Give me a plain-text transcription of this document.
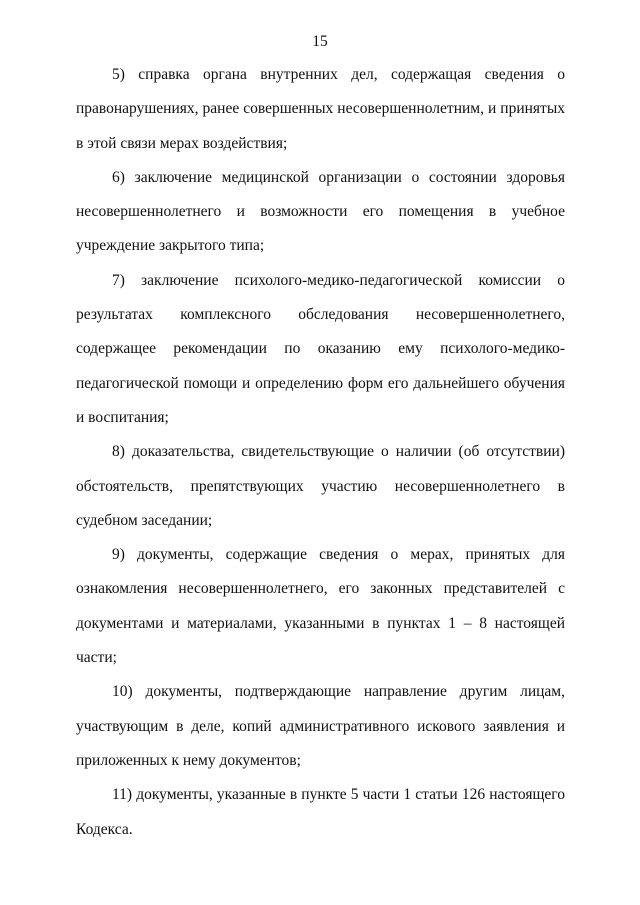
15

5) справка органа внутренних дел, содержащая сведения о правонарушениях, ранее совершенных несовершеннолетним, и принятых в этой связи мерах воздействия;

6) заключение медицинской организации о состоянии здоровья несовершеннолетнего и возможности его помещения в учебное учреждение закрытого типа;

7) заключение психолого-медико-педагогической комиссии о результатах комплексного обследования несовершеннолетнего, содержащее рекомендации по оказанию ему психолого-медико-педагогической помощи и определению форм его дальнейшего обучения и воспитания;

8) доказательства, свидетельствующие о наличии (об отсутствии) обстоятельств, препятствующих участию несовершеннолетнего в судебном заседании;

9) документы, содержащие сведения о мерах, принятых для ознакомления несовершеннолетнего, его законных представителей с документами и материалами, указанными в пунктах 1 – 8 настоящей части;

10) документы, подтверждающие направление другим лицам, участвующим в деле, копий административного искового заявления и приложенных к нему документов;

11) документы, указанные в пункте 5 части 1 статьи 126 настоящего Кодекса.
